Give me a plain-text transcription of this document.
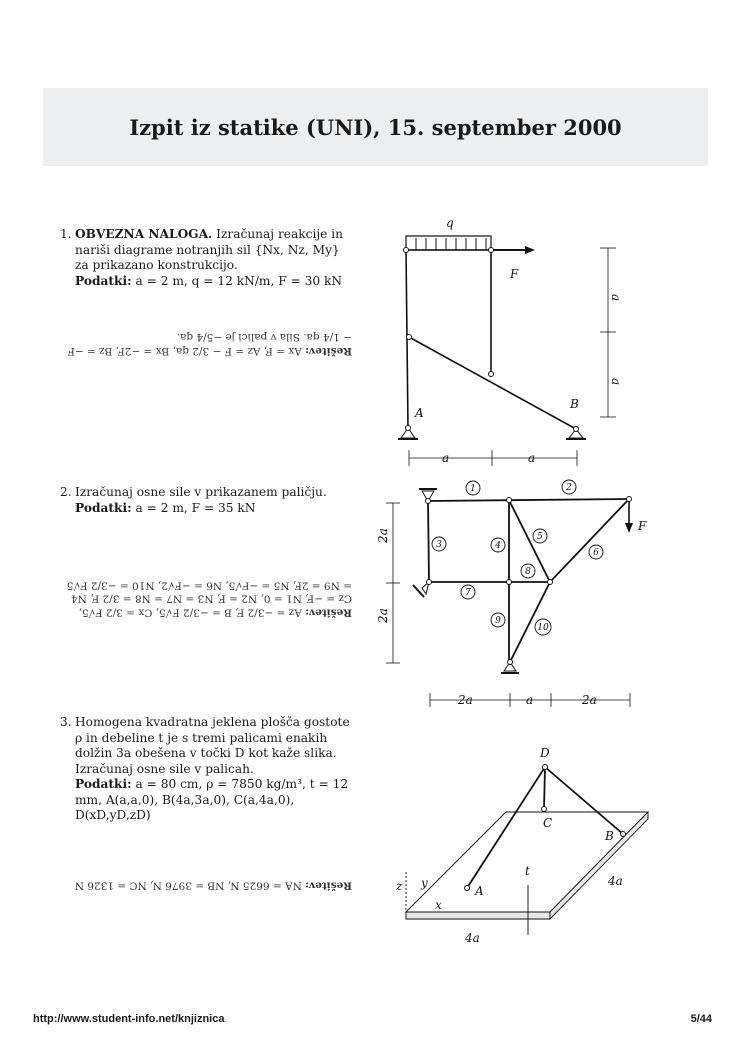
Izpit iz statike (UNI), 15. september 2000
1. OBVEZNA NALOGA. Izračunaj reakcije in nariši diagrame notranjih sil {Nx, Nz, My} za prikazano konstrukcijo.
Podatki: a = 2 m, q = 12 kN/m, F = 30 kN
Rešitev: Ax = F, Az = F − 3/2 qa, Bx = −2F, Bz = −F − 1/4 qa. Sila v palici je −5/4 qa.
q
F
A
B
a	a
a
a
2. Izračunaj osne sile v prikazanem paličju.
Podatki: a = 2 m, F = 35 kN
Rešitev: Az = −3/2 F, B = −3/2 F√5, Cx = 3/2 F√5, Cz = −F, N1 = 0, N2 = F, N3 = N7 = N8 = 3/2 F, N4 = N9 = 2F, N5 = −F√5, N6 = −F√2, N10 = −3/2 F√5
1	2
3	4
5
6
7
8
9
10
F
2a	a	2a
2a
2a
3. Homogena kvadratna jeklena plošča gostote ρ in debeline t je s tremi palicami enakih dolžin 3a obešena v točki D kot kaže slika. Izračunaj osne sile v palicah.
Podatki: a = 80 cm, ρ = 7850 kg/m³, t = 12 mm, A(a,a,0), B(4a,3a,0), C(a,4a,0), D(xD,yD,zD)
Rešitev: NA = 6625 N, NB = 3976 N, NC = 1326 N
D
C
B
A
z y
x
t
4a
4a
http://www.student-info.net/knjiznica	5/44
